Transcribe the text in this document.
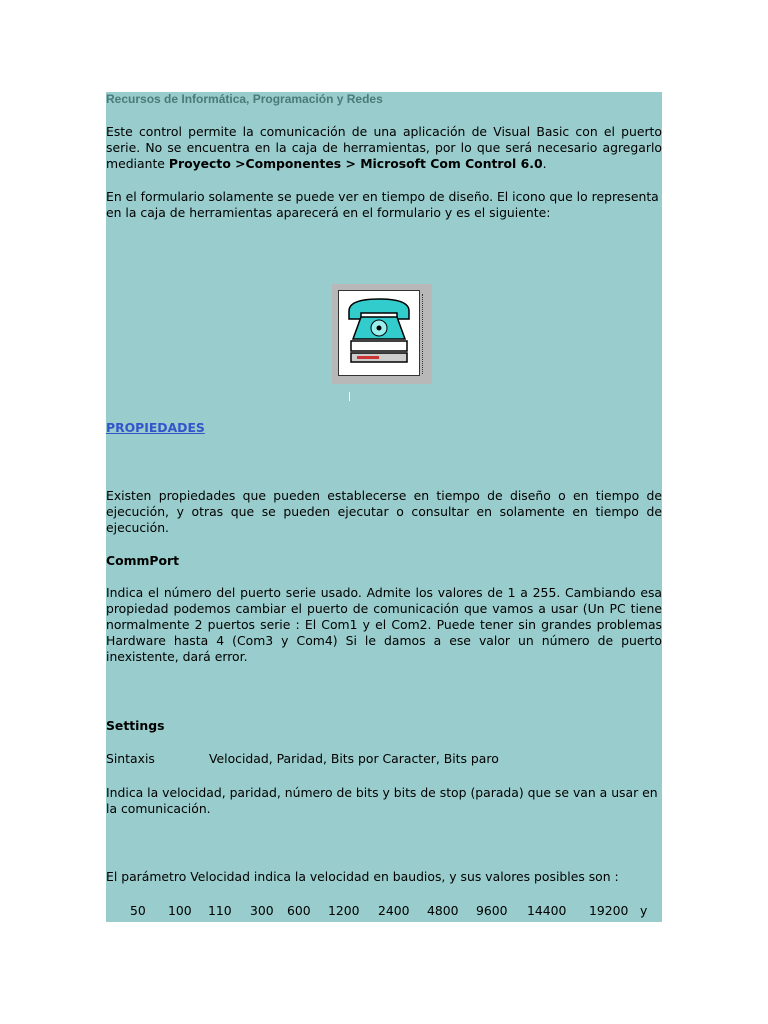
Recursos de Informática, Programación y Redes

Este control permite la comunicación de una aplicación de Visual Basic con el puerto serie. No se encuentra en la caja de herramientas, por lo que será necesario agregarlo mediante Proyecto >Componentes > Microsoft Com Control 6.0.

En el formulario solamente se puede ver en tiempo de diseño. El icono que lo representa en la caja de herramientas aparecerá en el formulario y es el siguiente:

PROPIEDADES

Existen propiedades que pueden establecerse en tiempo de diseño o en tiempo de ejecución, y otras que se pueden ejecutar o consultar en solamente en tiempo de ejecución.

CommPort

Indica el número del puerto serie usado. Admite los valores de 1 a 255. Cambiando esa propiedad podemos cambiar el puerto de comunicación que vamos a usar (Un PC tiene normalmente 2 puertos serie : El Com1 y el Com2. Puede tener sin grandes problemas Hardware hasta 4 (Com3 y Com4) Si le damos a ese valor un número de puerto inexistente, dará error.

Settings

Sintaxis	Velocidad, Paridad, Bits por Caracter, Bits paro

Indica la velocidad, paridad, número de bits y bits de stop (parada) que se van a usar en la comunicación.

El parámetro Velocidad indica la velocidad en baudios, y sus valores posibles son :

50 100 110 300 600 1200 2400 4800 9600 14400 19200 y
